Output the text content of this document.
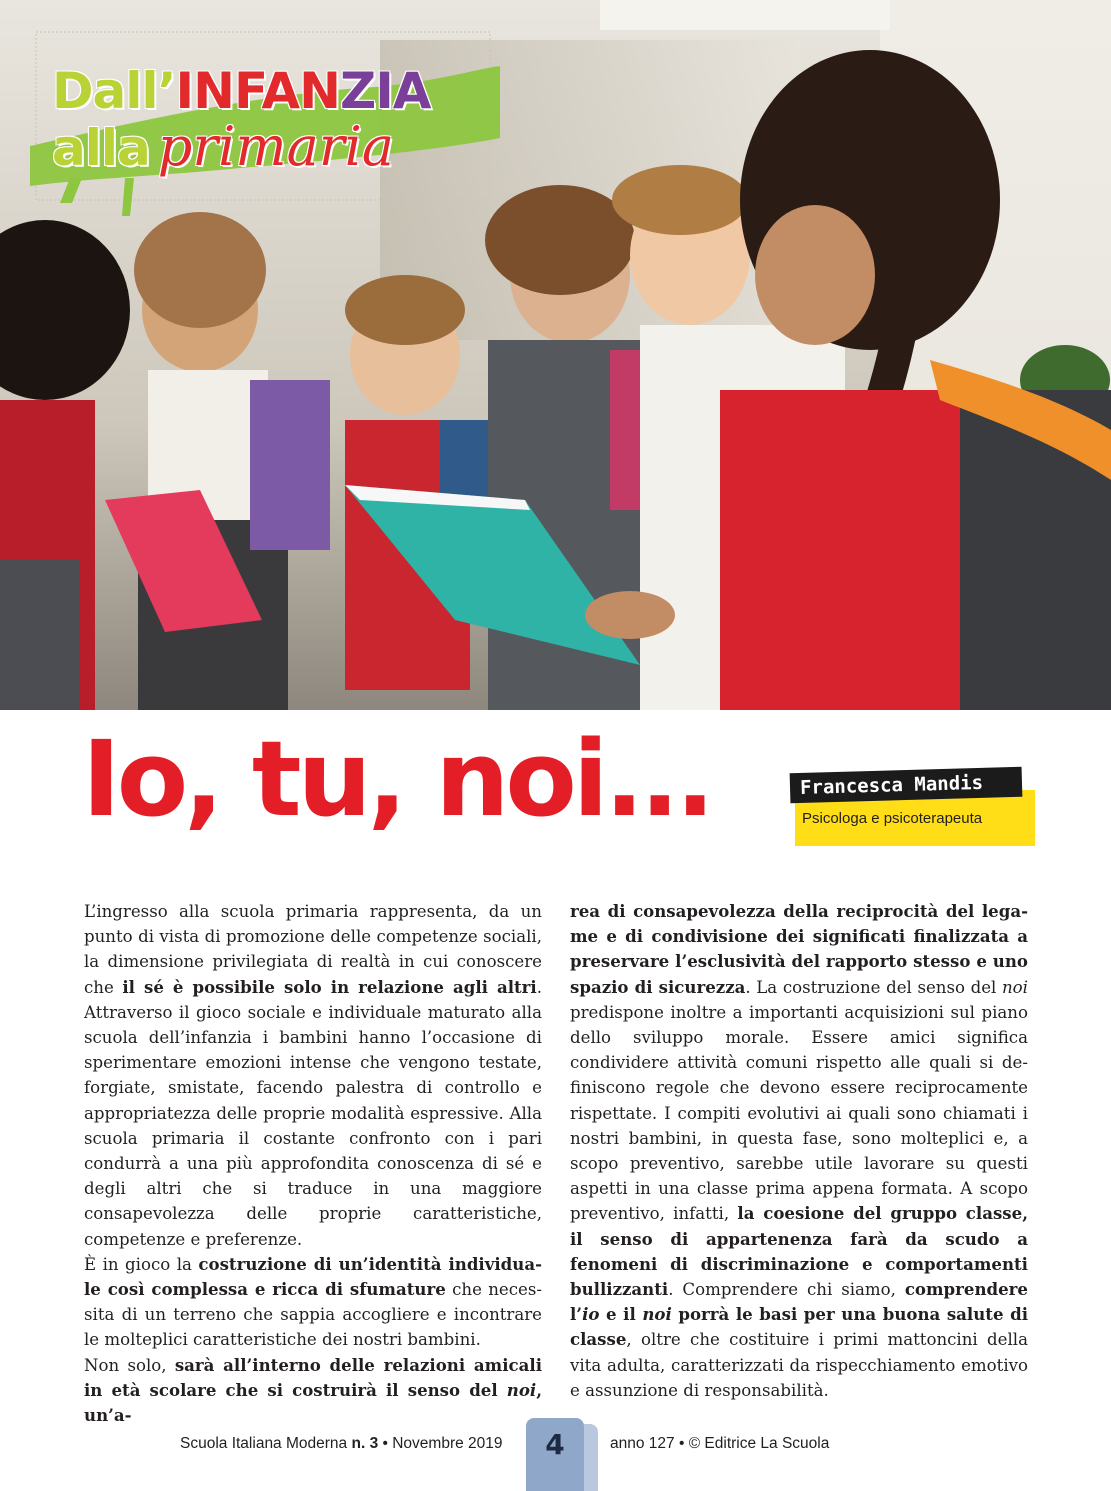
Dall’INFANZIA
alla primaria
Io, tu, noi...	Psicologa e psicoterapeuta
Francesca Mandis

L’ingresso alla scuola primaria rappresenta, da un punto di vista di promozione delle competenze sociali, la dimensione privilegiata di realtà in cui conoscere che il sé è possibile solo in relazione agli altri. Attraverso il gioco sociale e individuale maturato alla scuola dell’infanzia i bambini hanno l’occasione di sperimentare emozioni intense che vengono testate, forgiate, smistate, facendo palestra di controllo e appropriatezza delle proprie modalità espressive. Alla scuola primaria il costante confronto con i pari condurrà a una più approfondita conoscenza di sé e degli altri che si traduce in una maggiore consapevolezza delle proprie caratteristiche, competenze e preferenze.
È in gioco la costruzione di un’identità individuale così complessa e ricca di sfumature che necessita di un terreno che sappia accogliere e incontrare le molteplici caratteristiche dei nostri bambini.
Non solo, sarà all’interno delle relazioni amicali in età scolare che si costruirà il senso del noi, un’a-

rea di consapevolezza della reciprocità del legame e di condivisione dei significati finalizzata a preservare l’esclusività del rapporto stesso e uno spazio di sicurezza. La costruzione del senso del noi predispone inoltre a importanti acquisizioni sul piano dello sviluppo morale. Essere amici significa condividere attività comuni rispetto alle quali si definiscono regole che devono essere reciprocamente rispettate. I compiti evolutivi ai quali sono chiamati i nostri bambini, in questa fase, sono molteplici e, a scopo preventivo, sarebbe utile lavorare su questi aspetti in una classe prima appena formata. A scopo preventivo, infatti, la coesione del gruppo classe, il senso di appartenenza farà da scudo a fenomeni di discriminazione e comportamenti bullizzanti. Comprendere chi siamo, comprendere l’io e il noi porrà le basi per una buona salute di classe, oltre che costituire i primi mattoncini della vita adulta, caratterizzati da rispecchiamento emotivo e assunzione di responsabilità.

Scuola Italiana Moderna n. 3 • Novembre 2019	4	anno 127 • © Editrice La Scuola
